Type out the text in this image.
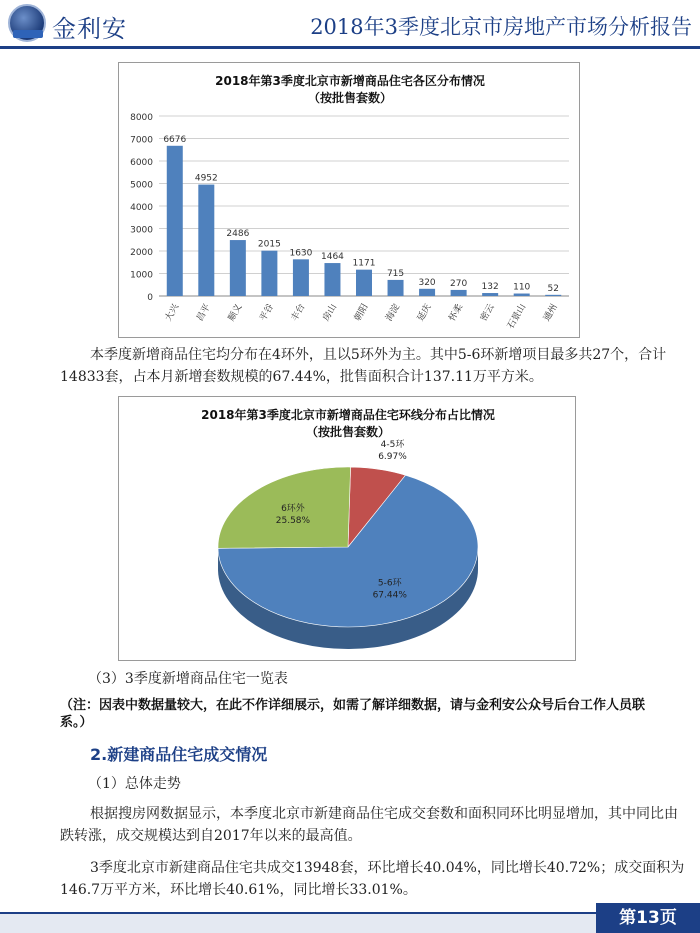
金利安	2018年3季度北京市房地产市场分析报告
2018年第3季度北京市新增商品住宅各区分布情况
（按批售套数）
0
1000
2000
3000
4000
5000
6000
7000
8000
6676
大兴
4952
昌平
2486
顺义
2015
平谷
1630
丰台
1464
房山
1171
朝阳
715
海淀
320
延庆
270
怀柔
132
密云
110
石景山
52
通州
本季度新增商品住宅均分布在4环外，且以5环外为主。其中5-6环新增项目最多共27个，合计14833套，占本月新增套数规模的67.44%，批售面积合计137.11万平方米。
2018年第3季度北京市新增商品住宅环线分布占比情况
（按批售套数）
4-5环
6.97%
5-6环
67.44%
6环外
25.58%
（3）3季度新增商品住宅一览表
（注：因表中数据量较大，在此不作详细展示，如需了解详细数据，请与金利安公众号后台工作人员联系。）
2.新建商品住宅成交情况
（1）总体走势
根据搜房网数据显示，本季度北京市新建商品住宅成交套数和面积同环比明显增加，其中同比由跌转涨，成交规模达到自2017年以来的最高值。
3季度北京市新建商品住宅共成交13948套，环比增长40.04%，同比增长40.72%；成交面积为146.7万平方米，环比增长40.61%，同比增长33.01%。
第13页
